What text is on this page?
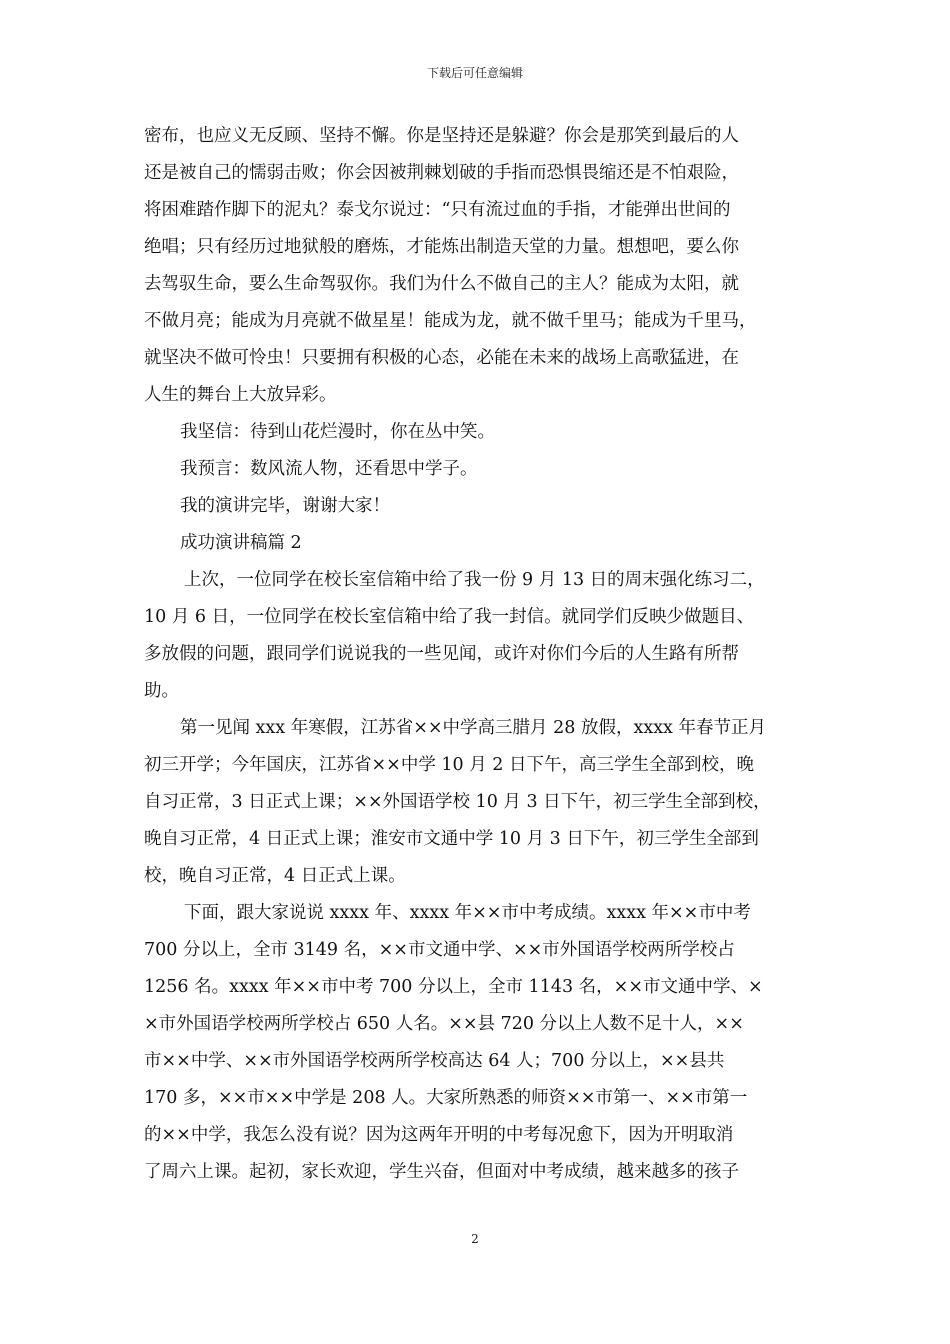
下载后可任意编辑

密布，也应义无反顾、坚持不懈。你是坚持还是躲避？你会是那笑到最后的人

还是被自己的懦弱击败；你会因被荆棘划破的手指而恐惧畏缩还是不怕艰险，

将困难踏作脚下的泥丸？泰戈尔说过：“只有流过血的手指，才能弹出世间的

绝唱；只有经历过地狱般的磨炼，才能炼出制造天堂的力量。想想吧，要么你

去驾驭生命，要么生命驾驭你。我们为什么不做自己的主人？能成为太阳，就

不做月亮；能成为月亮就不做星星！能成为龙，就不做千里马；能成为千里马，

就坚决不做可怜虫！只要拥有积极的心态，必能在未来的战场上高歌猛进，在

人生的舞台上大放异彩。

我坚信：待到山花烂漫时，你在丛中笑。

我预言：数风流人物，还看思中学子。

我的演讲完毕，谢谢大家！

成功演讲稿篇 2

上次，一位同学在校长室信箱中给了我一份 9 月 13 日的周末强化练习二，

10 月 6 日，一位同学在校长室信箱中给了我一封信。就同学们反映少做题目、

多放假的问题，跟同学们说说我的一些见闻，或许对你们今后的人生路有所帮

助。

第一见闻 xxx 年寒假，江苏省××中学高三腊月 28 放假，xxxx 年春节正月

初三开学；今年国庆，江苏省××中学 10 月 2 日下午，高三学生全部到校，晚

自习正常，3 日正式上课；××外国语学校 10 月 3 日下午，初三学生全部到校，

晚自习正常，4 日正式上课；淮安市文通中学 10 月 3 日下午，初三学生全部到

校，晚自习正常，4 日正式上课。

下面，跟大家说说 xxxx 年、xxxx 年××市中考成绩。xxxx 年××市中考

700 分以上，全市 3149 名，××市文通中学、××市外国语学校两所学校占

1256 名。xxxx 年××市中考 700 分以上，全市 1143 名，××市文通中学、×

×市外国语学校两所学校占 650 人名。××县 720 分以上人数不足十人，××

市××中学、××市外国语学校两所学校高达 64 人；700 分以上，××县共

170 多，××市××中学是 208 人。大家所熟悉的师资××市第一、××市第一

的××中学，我怎么没有说？因为这两年开明的中考每况愈下，因为开明取消

了周六上课。起初，家长欢迎，学生兴奋，但面对中考成绩，越来越多的孩子

2
